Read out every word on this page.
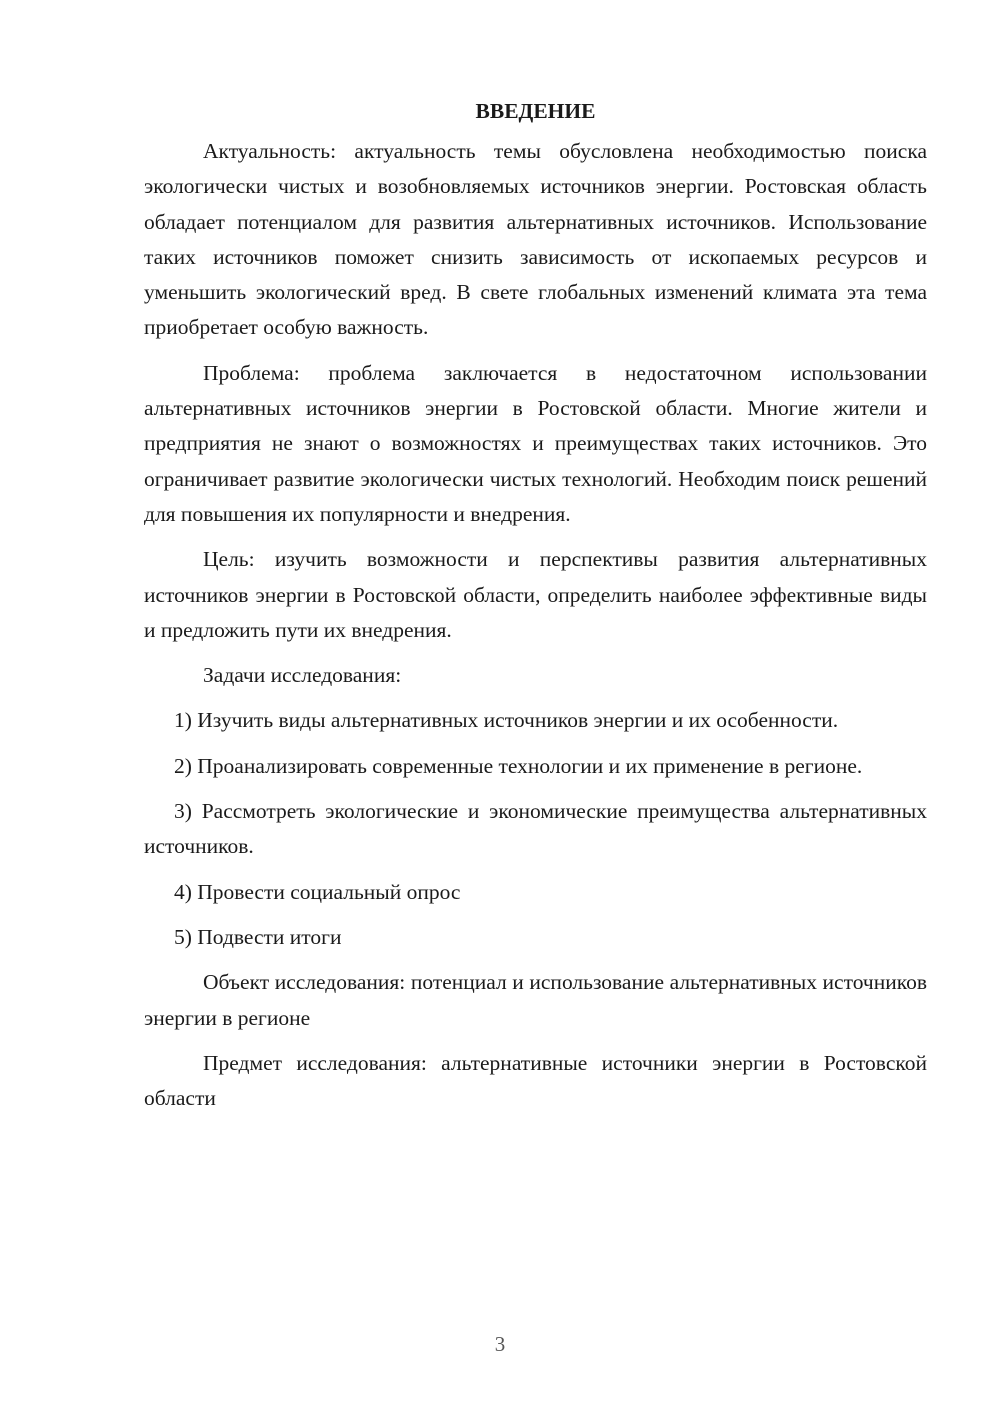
ВВЕДЕНИЕ

Актуальность: актуальность темы обусловлена необходимостью поиска экологически чистых и возобновляемых источников энергии. Ростовская область обладает потенциалом для развития альтернативных источников. Использование таких источников поможет снизить зависимость от ископаемых ресурсов и уменьшить экологический вред. В свете глобальных изменений климата эта тема приобретает особую важность.

Проблема: проблема заключается в недостаточном использовании альтернативных источников энергии в Ростовской области. Многие жители и предприятия не знают о возможностях и преимуществах таких источников. Это ограничивает развитие экологически чистых технологий. Необходим поиск решений для повышения их популярности и внедрения.

Цель: изучить возможности и перспективы развития альтернативных источников энергии в Ростовской области, определить наиболее эффективные виды и предложить пути их внедрения.

Задачи исследования:

1) Изучить виды альтернативных источников энергии и их особенности.

2) Проанализировать современные технологии и их применение в регионе.

3) Рассмотреть экологические и экономические преимущества альтернативных источников.

4) Провести социальный опрос

5) Подвести итоги

Объект исследования: потенциал и использование альтернативных источников энергии в регионе

Предмет исследования: альтернативные источники энергии в Ростовской области

3
